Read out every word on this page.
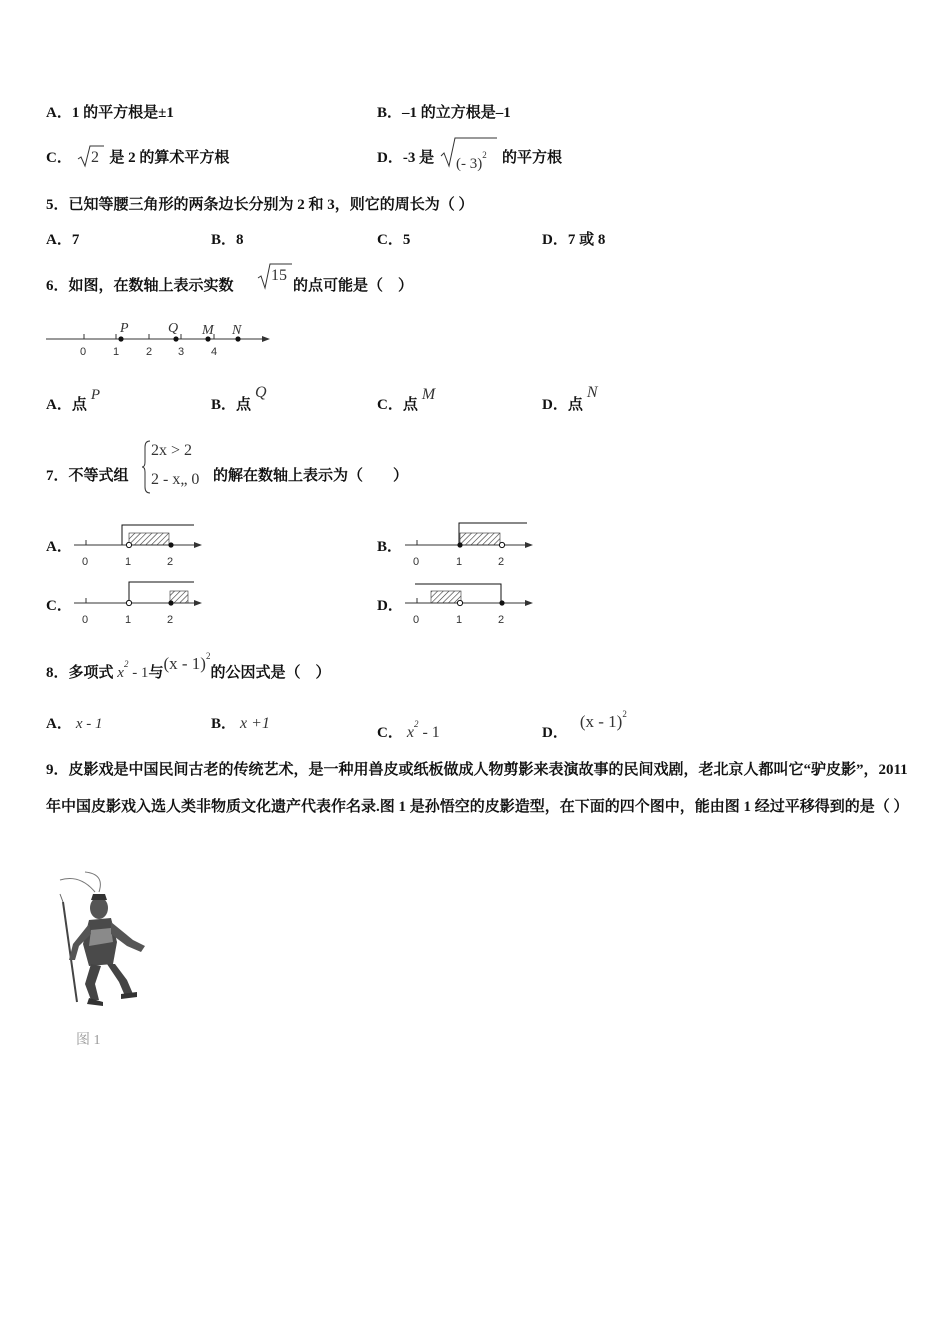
A．1 的平方根是±1	B．–1 的立方根是–1
C．	是 2 的算术平方根
2	D．-3 是 (- 3)$^2$ 的平方根
5．已知等腰三角形的两条边长分别为 2 和 3，则它的周长为（ ）
A．7	B．8	C．5	D．7 或 8
6．如图，在数轴上表示实数
15
的点可能是（　）
0 1 2 3 4
P	Q M N
A．点P
B．点Q
C．点M
D．点N
7．不等式组
2x > 2
2 - x„ 0 的解在数轴上表示为（　　）
A．
0	1	2
B．
0	1	2
C．
0	1	2
D．
0	1	2
8．多项式 $x^2 - 1$与(x - 1)$^2$的公因式是（　）
A． x - 1	B． x +1
C． $x^2 - 1$	D．(x - 1)$^2$
9．皮影戏是中国民间古老的传统艺术，是一种用兽皮或纸板做成人物剪影来表演故事的民间戏剧，老北京人都叫它“驴皮影”，2011 年中国皮影戏入选人类非物质文化遗产代表作名录.图 1 是孙悟空的皮影造型，在下面的四个图中，能由图 1 经过平移得到的是（ ）
图 1
